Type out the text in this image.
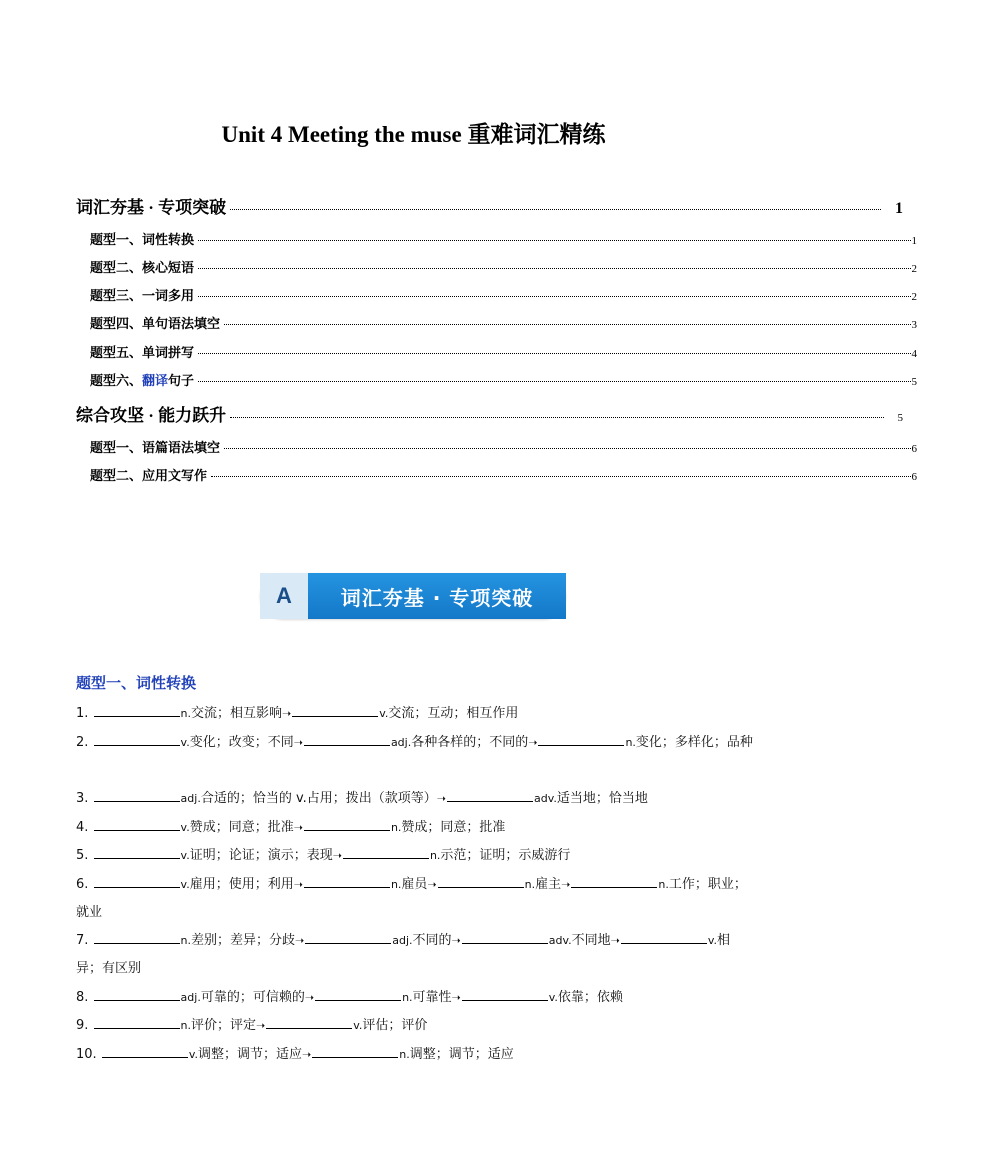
Unit 4 Meeting the muse 重难词汇精练
词汇夯基 · 专项突破	1
题型一、词性转换	1
题型二、核心短语	2
题型三、一词多用	2
题型四、单句语法填空	3
题型五、单词拼写	4
题型六、翻译句子	5
综合攻坚 · 能力跃升	5
题型一、语篇语法填空	6
题型二、应用文写作	6
A	词汇夯基 · 专项突破
题型一、词性转换
1.	n.交流；相互影响➝	v.交流；互动；相互作用
2.	v.变化；改变；不同➝	adj.各种各样的；不同的➝	n.变化；多样化；品种
3.	adj.合适的；恰当的 v.占用；拨出（款项等）➝	adv.适当地；恰当地
4.	v.赞成；同意；批准➝	n.赞成；同意；批准
5.	v.证明；论证；演示；表现➝	n.示范；证明；示威游行
6.	v.雇用；使用；利用➝	n.雇员➝	n.雇主➝	n.工作；职业；就业
7.	n.差别；差异；分歧➝	adj.不同的➝	adv.不同地➝	v.相异；有区别
8.	adj.可靠的；可信赖的➝	n.可靠性➝	v.依靠；依赖
9.	n.评价；评定➝	v.评估；评价
10.	v.调整；调节；适应➝	n.调整；调节；适应
